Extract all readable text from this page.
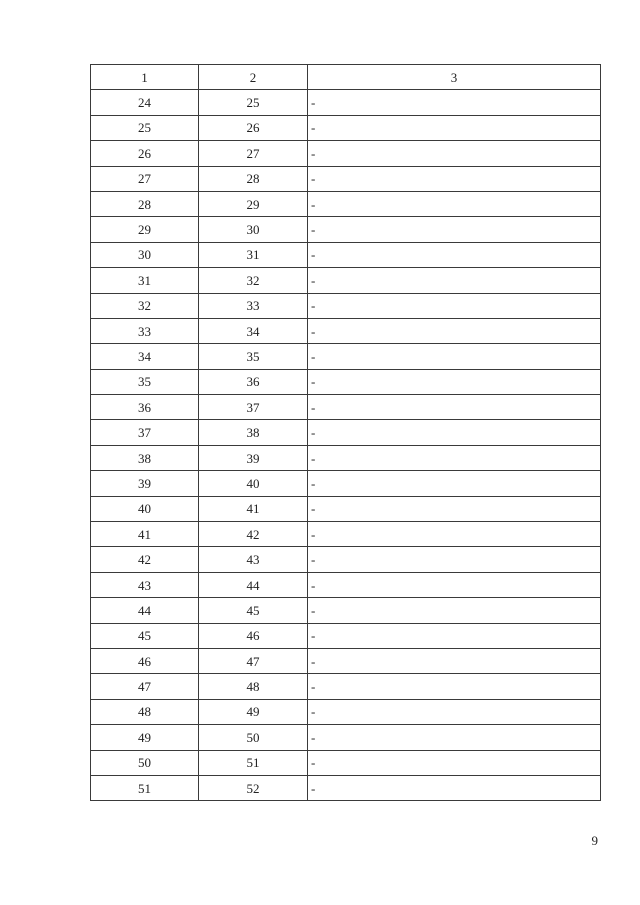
1	2	3
24	25	-
25	26	-
26	27	-
27	28	-
28	29	-
29	30	-
30	31	-
31	32	-
32	33	-
33	34	-
34	35	-
35	36	-
36	37	-
37	38	-
38	39	-
39	40	-
40	41	-
41	42	-
42	43	-
43	44	-
44	45	-
45	46	-
46	47	-
47	48	-
48	49	-
49	50	-
50	51	-
51	52	-
9
